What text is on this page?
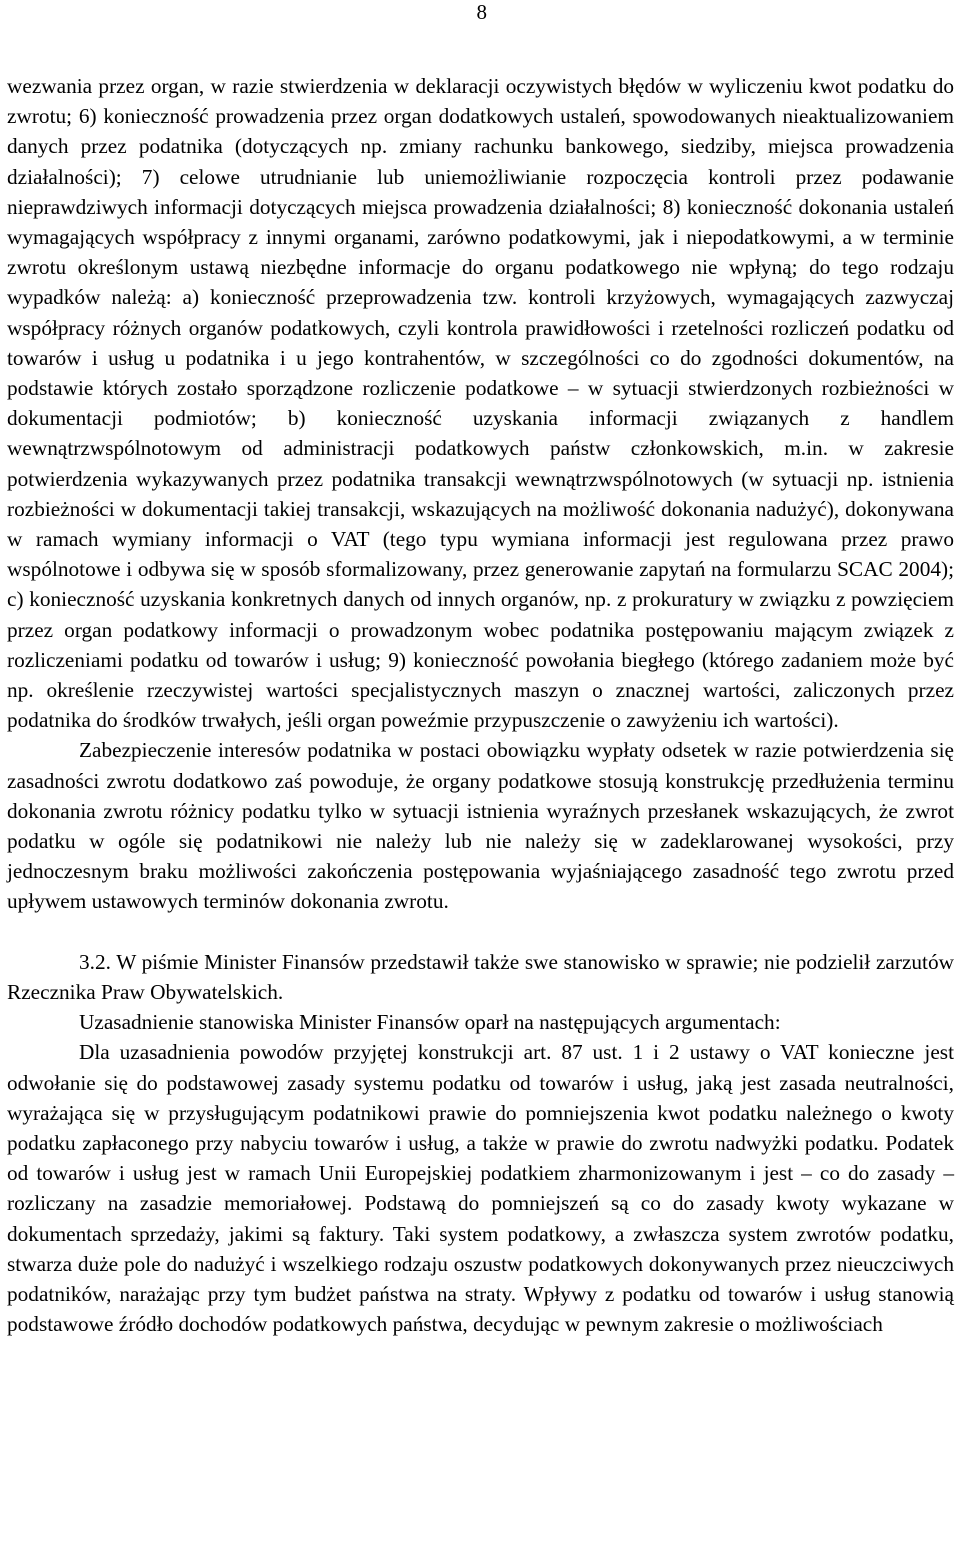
8

wezwania przez organ, w razie stwierdzenia w deklaracji oczywistych błędów w wyliczeniu kwot podatku do zwrotu; 6) konieczność prowadzenia przez organ dodatkowych ustaleń, spowodowanych nieaktualizowaniem danych przez podatnika (dotyczących np. zmiany rachunku bankowego, siedziby, miejsca prowadzenia działalności); 7) celowe utrudnianie lub uniemożliwianie rozpoczęcia kontroli przez podawanie nieprawdziwych informacji dotyczących miejsca prowadzenia działalności; 8) konieczność dokonania ustaleń wymagających współpracy z innymi organami, zarówno podatkowymi, jak i niepodatkowymi, a w terminie zwrotu określonym ustawą niezbędne informacje do organu podatkowego nie wpłyną; do tego rodzaju wypadków należą: a) konieczność przeprowadzenia tzw. kontroli krzyżowych, wymagających zazwyczaj współpracy różnych organów podatkowych, czyli kontrola prawidłowości i rzetelności rozliczeń podatku od towarów i usług u podatnika i u jego kontrahentów, w szczególności co do zgodności dokumentów, na podstawie których zostało sporządzone rozliczenie podatkowe – w sytuacji stwierdzonych rozbieżności w dokumentacji podmiotów; b) konieczność uzyskania informacji związanych z handlem wewnątrzwspólnotowym od administracji podatkowych państw członkowskich, m.in. w zakresie potwierdzenia wykazywanych przez podatnika transakcji wewnątrzwspólnotowych (w sytuacji np. istnienia rozbieżności w dokumentacji takiej transakcji, wskazujących na możliwość dokonania nadużyć), dokonywana w ramach wymiany informacji o VAT (tego typu wymiana informacji jest regulowana przez prawo wspólnotowe i odbywa się w sposób sformalizowany, przez generowanie zapytań na formularzu SCAC 2004); c) konieczność uzyskania konkretnych danych od innych organów, np. z prokuratury w związku z powzięciem przez organ podatkowy informacji o prowadzonym wobec podatnika postępowaniu mającym związek z rozliczeniami podatku od towarów i usług; 9) konieczność powołania biegłego (którego zadaniem może być np. określenie rzeczywistej wartości specjalistycznych maszyn o znacznej wartości, zaliczonych przez podatnika do środków trwałych, jeśli organ poweźmie przypuszczenie o zawyżeniu ich wartości).

Zabezpieczenie interesów podatnika w postaci obowiązku wypłaty odsetek w razie potwierdzenia się zasadności zwrotu dodatkowo zaś powoduje, że organy podatkowe stosują konstrukcję przedłużenia terminu dokonania zwrotu różnicy podatku tylko w sytuacji istnienia wyraźnych przesłanek wskazujących, że zwrot podatku w ogóle się podatnikowi nie należy lub nie należy się w zadeklarowanej wysokości, przy jednoczesnym braku możliwości zakończenia postępowania wyjaśniającego zasadność tego zwrotu przed upływem ustawowych terminów dokonania zwrotu.

3.2. W piśmie Minister Finansów przedstawił także swe stanowisko w sprawie; nie podzielił zarzutów Rzecznika Praw Obywatelskich.

Uzasadnienie stanowiska Minister Finansów oparł na następujących argumentach:

Dla uzasadnienia powodów przyjętej konstrukcji art. 87 ust. 1 i 2 ustawy o VAT konieczne jest odwołanie się do podstawowej zasady systemu podatku od towarów i usług, jaką jest zasada neutralności, wyrażająca się w przysługującym podatnikowi prawie do pomniejszenia kwot podatku należnego o kwoty podatku zapłaconego przy nabyciu towarów i usług, a także w prawie do zwrotu nadwyżki podatku. Podatek od towarów i usług jest w ramach Unii Europejskiej podatkiem zharmonizowanym i jest – co do zasady – rozliczany na zasadzie memoriałowej. Podstawą do pomniejszeń są co do zasady kwoty wykazane w dokumentach sprzedaży, jakimi są faktury. Taki system podatkowy, a zwłaszcza system zwrotów podatku, stwarza duże pole do nadużyć i wszelkiego rodzaju oszustw podatkowych dokonywanych przez nieuczciwych podatników, narażając przy tym budżet państwa na straty. Wpływy z podatku od towarów i usług stanowią podstawowe źródło dochodów podatkowych państwa, decydując w pewnym zakresie o możliwościach
